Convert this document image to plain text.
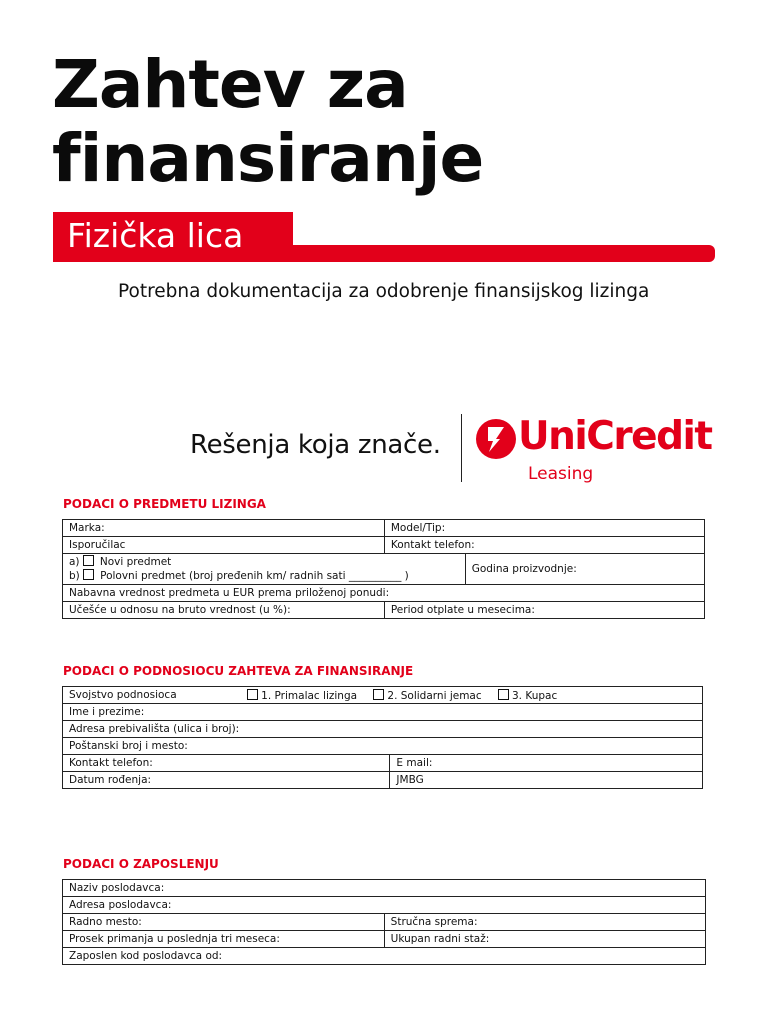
Zahtev za
finansiranje
Fizička lica
Potrebna dokumentacija za odobrenje finansijskog lizinga
Rešenja koja znače. UniCredit
Leasing
PODACI O PREDMETU LIZINGA
Marka:	Model/Tip:	
Isporučilac	Kontakt telefon:	
a) Novi predmet
b) Polovni predmet (broj pređenih km/ radnih sati __________ )		Godina proizvodnje:
Nabavna vrednost predmeta u EUR prema priloženoj ponudi:		
Učešće u odnosu na bruto vrednost (u %):	Period otplate u mesecima:	
PODACI O PODNOSIOCU ZAHTEVA ZA FINANSIRANJE
Svojstvo podnosioca	1. Primalac lizinga 2. Solidarni jemac 3. Kupac	
Ime i prezime:		
Adresa prebivališta (ulica i broj):		
Poštanski broj i mesto:		
Kontakt telefon:		E mail:
Datum rođenja:		JMBG
PODACI O ZAPOSLENJU
Naziv poslodavca:	
Adresa poslodavca:	
Radno mesto:	Stručna sprema:
Prosek primanja u poslednja tri meseca:	Ukupan radni staž:
Zaposlen kod poslodavca od:	
